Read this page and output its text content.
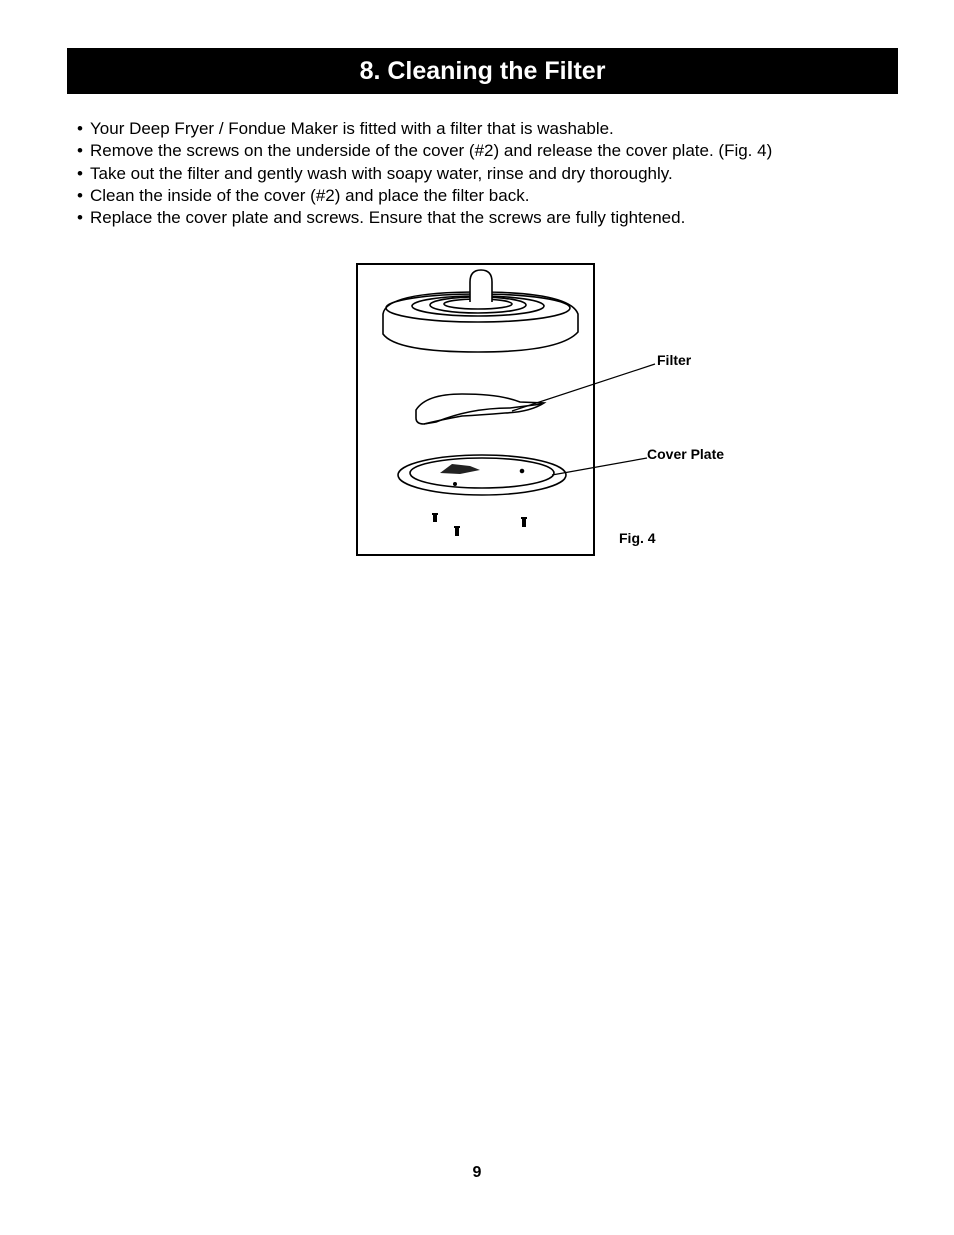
8. Cleaning the Filter
• Your Deep Fryer / Fondue Maker is fitted with a filter that is washable.
• Remove the screws on the underside of the cover (#2) and release the cover plate. (Fig. 4)
• Take out the filter and gently wash with soapy water, rinse and dry thoroughly.
• Clean the inside of the cover (#2) and place the filter back.
• Replace the cover plate and screws. Ensure that the screws are fully tightened.
Filter
Cover Plate
Fig. 4
9
